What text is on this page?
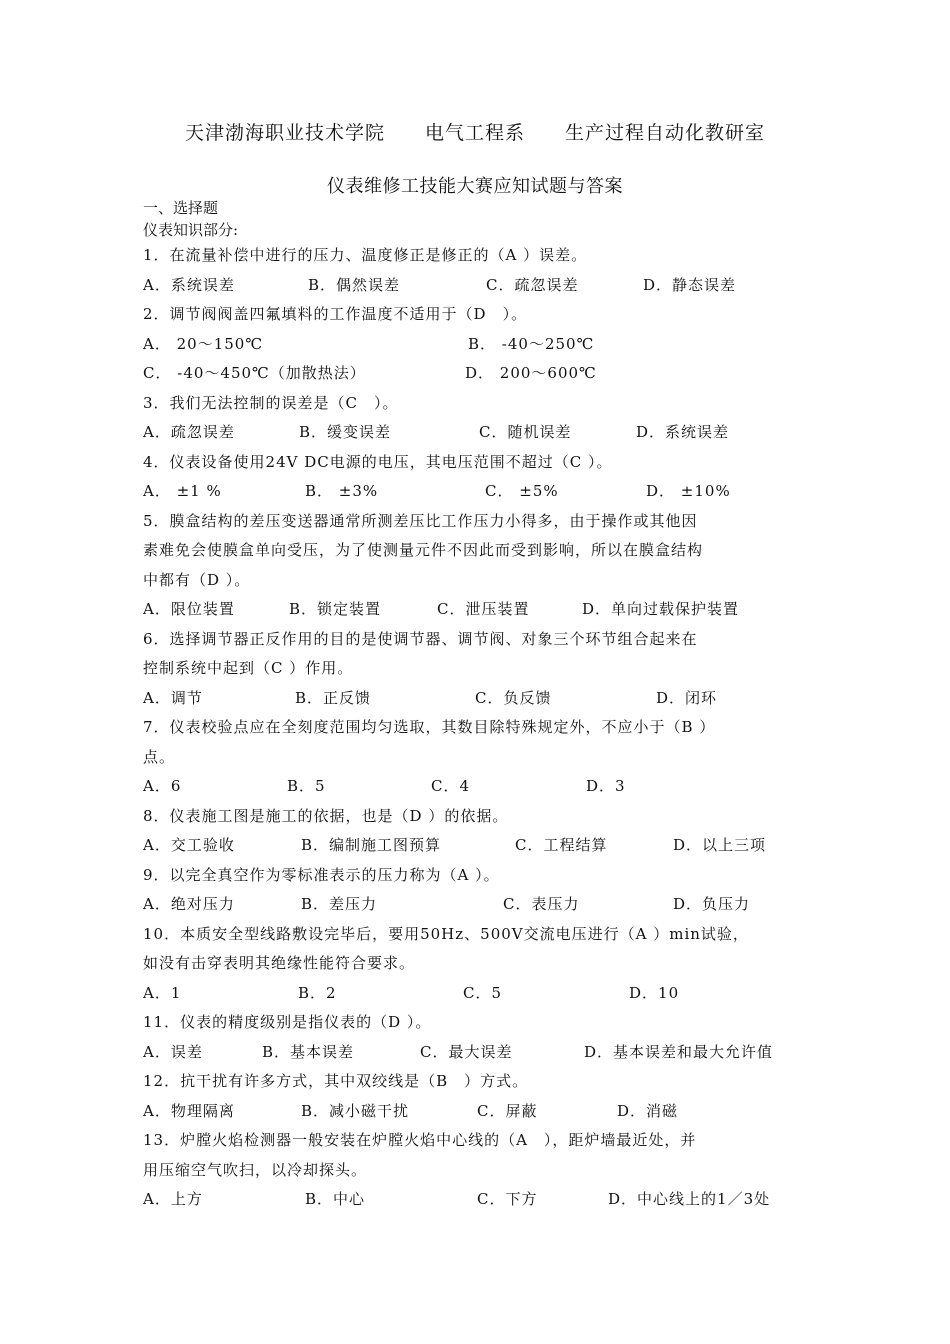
天津渤海职业技术学院 电气工程系 生产过程自动化教研室
仪表维修工技能大赛应知试题与答案
一、选择题
仪表知识部分:
1．在流量补偿中进行的压力、温度修正是修正的（A ）误差。
A．系统误差	B．偶然误差	C．疏忽误差	D．静态误差
2．调节阀阀盖四氟填料的工作温度不适用于（D　）。
A． 20～150℃	B． -40～250℃
C． -40～450℃（加散热法）	D． 200～600℃
3．我们无法控制的误差是（C　）。
A．疏忽误差	B．缓变误差	C．随机误差	D．系统误差
4．仪表设备使用24V DC电源的电压，其电压范围不超过（C ）。
A． ±1 %	B． ±3%	C． ±5%	D． ±10%
5．膜盒结构的差压变送器通常所测差压比工作压力小得多，由于操作或其他因
素难免会使膜盒单向受压，为了使测量元件不因此而受到影响，所以在膜盒结构
中都有（D ）。
A．限位装置	B．锁定装置	C．泄压装置	D．单向过载保护装置
6．选择调节器正反作用的目的是使调节器、调节阀、对象三个环节组合起来在
控制系统中起到（C ）作用。
A．调节	B．正反馈	C．负反馈	D．闭环
7．仪表校验点应在全刻度范围均匀选取，其数目除特殊规定外，不应小于（B ）
点。
A．6	B．5	C．4	D．3
8．仪表施工图是施工的依据，也是（D ）的依据。
A．交工验收	B．编制施工图预算	C．工程结算	D．以上三项
9．以完全真空作为零标准表示的压力称为（A ）。
A．绝对压力	B．差压力	C．表压力	D．负压力
10．本质安全型线路敷设完毕后，要用50Hz、500V交流电压进行（A ）min试验，
如没有击穿表明其绝缘性能符合要求。
A．1	B．2	C．5	D．10
11．仪表的精度级别是指仪表的（D ）。
A．误差	B．基本误差	C．最大误差	D．基本误差和最大允许值
12．抗干扰有许多方式，其中双绞线是（B　）方式。
A．物理隔离	B．减小磁干扰	C．屏蔽	D．消磁
13．炉膛火焰检测器一般安装在炉膛火焰中心线的（A　），距炉墙最近处，并
用压缩空气吹扫，以冷却探头。
A．上方	B．中心	C．下方	D．中心线上的1／3处
